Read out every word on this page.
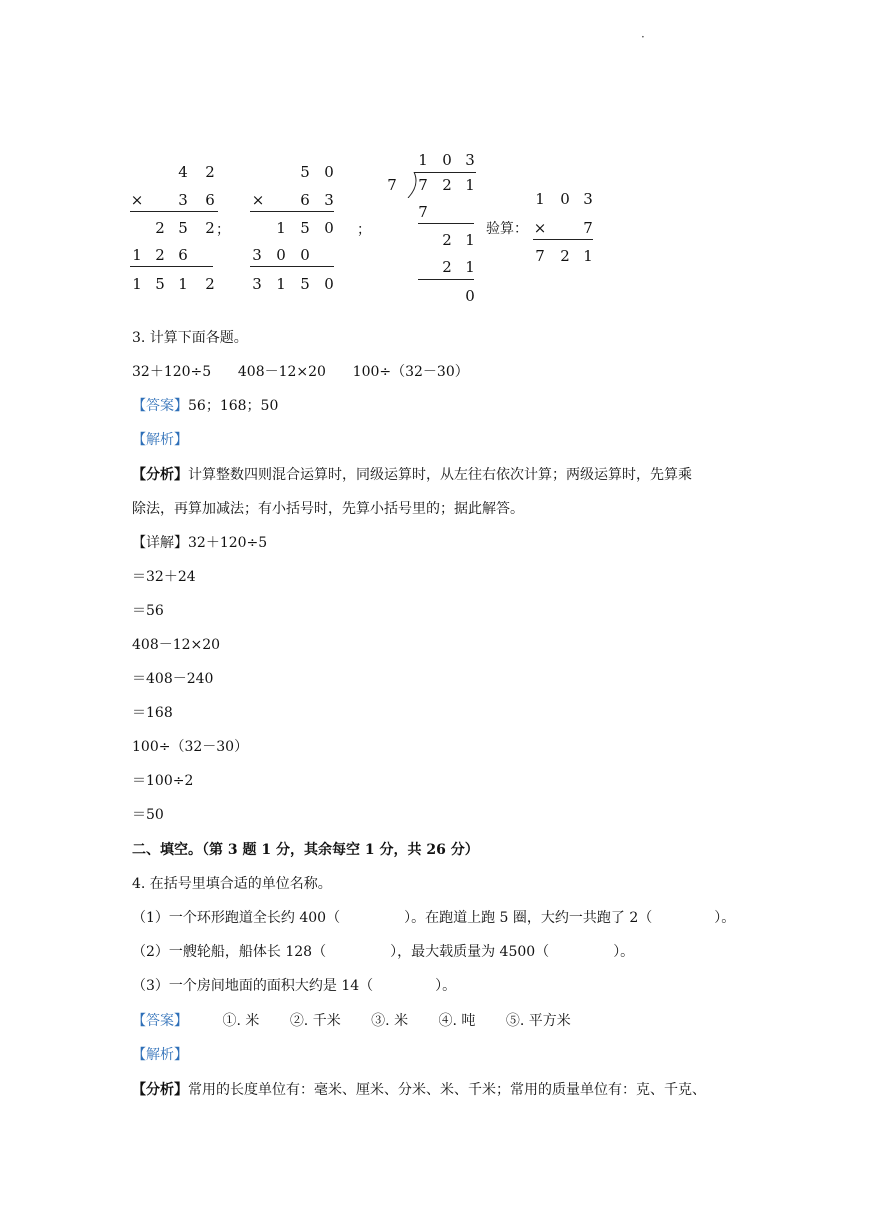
·
4	2
×	3	6
2 5	2
1 2 6
1 5 1	2
；
5 0
×	6 3
1 5 0
3 0 0
3 1 5 0
；
1 0 3
7	7 2 1
7
2 1
2 1
0
验算：
1	0 3
×	7
7	2 1
3. 计算下面各题。
32＋120÷5      408－12×20      100÷（32－30）
【答案】56；168；50
【解析】
【分析】计算整数四则混合运算时，同级运算时，从左往右依次计算；两级运算时，先算乘
除法，再算加减法；有小括号时，先算小括号里的；据此解答。
【详解】32＋120÷5
＝32＋24
＝56
408－12×20
＝408－240
＝168
100÷（32－30）
＝100÷2
＝50
二、填空。（第 3 题 1 分，其余每空 1 分，共 26 分）
4. 在括号里填合适的单位名称。
（1）一个环形跑道全长约 400（	）。在跑道上跑 5 圈，大约一共跑了 2（	）。
（2）一艘轮船，船体长 128（	），最大载质量为 4500（	）。
（3）一个房间地面的面积大约是 14（	）。
【答案】 ①. 米 ②. 千米 ③. 米 ④. 吨 ⑤. 平方米
【解析】
【分析】常用的长度单位有：毫米、厘米、分米、米、千米；常用的质量单位有：克、千克、
